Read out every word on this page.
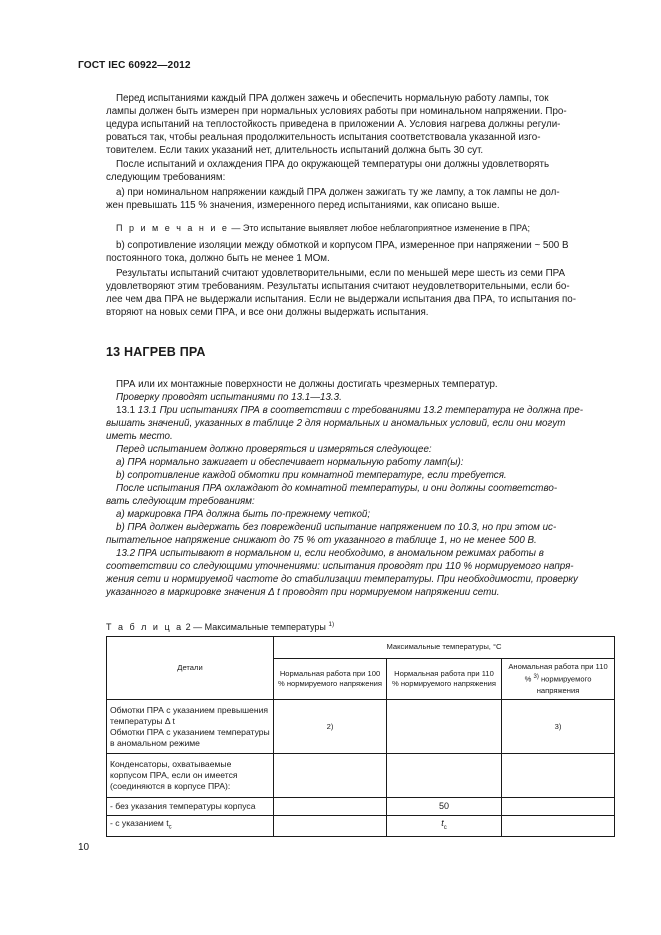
ГОСТ IEC 60922—2012

Перед испытаниями каждый ПРА должен зажечь и обеспечить нормальную работу лампы, ток

лампы должен быть измерен при нормальных условиях работы при номинальном напряжении. Про-

цедура испытаний на теплостойкость приведена в приложении А. Условия нагрева должны регули-

роваться так, чтобы реальная продолжительность испытания соответствовала указанной изго-

товителем. Если таких указаний нет, длительность испытаний должна быть 30 сут.

После испытаний и охлаждения ПРА до окружающей температуры они должны удовлетворять

следующим требованиям:

а) при номинальном напряжении каждый ПРА должен зажигать ту же лампу, а ток лампы не дол-

жен превышать 115 % значения, измеренного перед испытаниями, как описано выше.

П р и м е ч а н и е — Это испытание выявляет любое неблагоприятное изменение в ПРА;

b) сопротивление изоляции между обмоткой и корпусом ПРА, измеренное при напряжении ~ 500 В

постоянного тока, должно быть не менее 1 МОм.

Результаты испытаний считают удовлетворительными, если по меньшей мере шесть из семи ПРА

удовлетворяют этим требованиям. Результаты испытания считают неудовлетворительными, если бо-

лее чем два ПРА не выдержали испытания. Если не выдержали испытания два ПРА, то испытания по-

вторяют на новых семи ПРА, и все они должны выдержать испытания.

13 НАГРЕВ ПРА

ПРА или их монтажные поверхности не должны достигать чрезмерных температур.

Проверку проводят испытаниями по 13.1—13.3.

13.1 13.1 При испытаниях ПРА в соответствии с требованиями 13.2 температура не должна пре-

вышать значений, указанных в таблице 2 для нормальных и аномальных условий, если они могут

иметь место.

Перед испытанием должно проверяться и измеряться следующее:

а) ПРА нормально зажигает и обеспечивает нормальную работу ламп(ы):

b) сопротивление каждой обмотки при комнатной температуре, если требуется.

После испытания ПРА охлаждают до комнатной температуры, и они должны соответство-

вать следующим требованиям:

а) маркировка ПРА должна быть по-прежнему четкой;

b) ПРА должен выдержать без повреждений испытание напряжением по 10.3, но при этом ис-

пытательное напряжение снижают до 75 % от указанного в таблице 1, но не менее 500 В.

13.2 ПРА испытывают в нормальном и, если необходимо, в аномальном режимах работы в

соответствии со следующими уточнениями: испытания проводят при 110 % нормируемого напря-

жения сети и нормируемой частоте до стабилизации температуры. При необходимости, проверку

указанного в маркировке значения Δ t проводят при нормируемом напряжении сети.

Т а б л и ц а 2 — Максимальные температуры $^{1)}$
Детали	Максимальные температуры, °С		
	Нормальная работа при 100 % нормируемого напряжения	Нормальная работа при 110 % нормируемого напряжения	Аномальная работа при 110 % $^{3)}$ нормируемого напряжения
Обмотки ПРА с указанием превышения температуры Δ t
Обмотки ПРА с указанием температуры в аномальном режиме	2)		3)
Конденсаторы, охватываемые корпусом ПРА, если он имеется (соединяются в корпусе ПРА):			
- без указания температуры корпуса		50	
- с указанием $t_c$		$t_c$	
10
